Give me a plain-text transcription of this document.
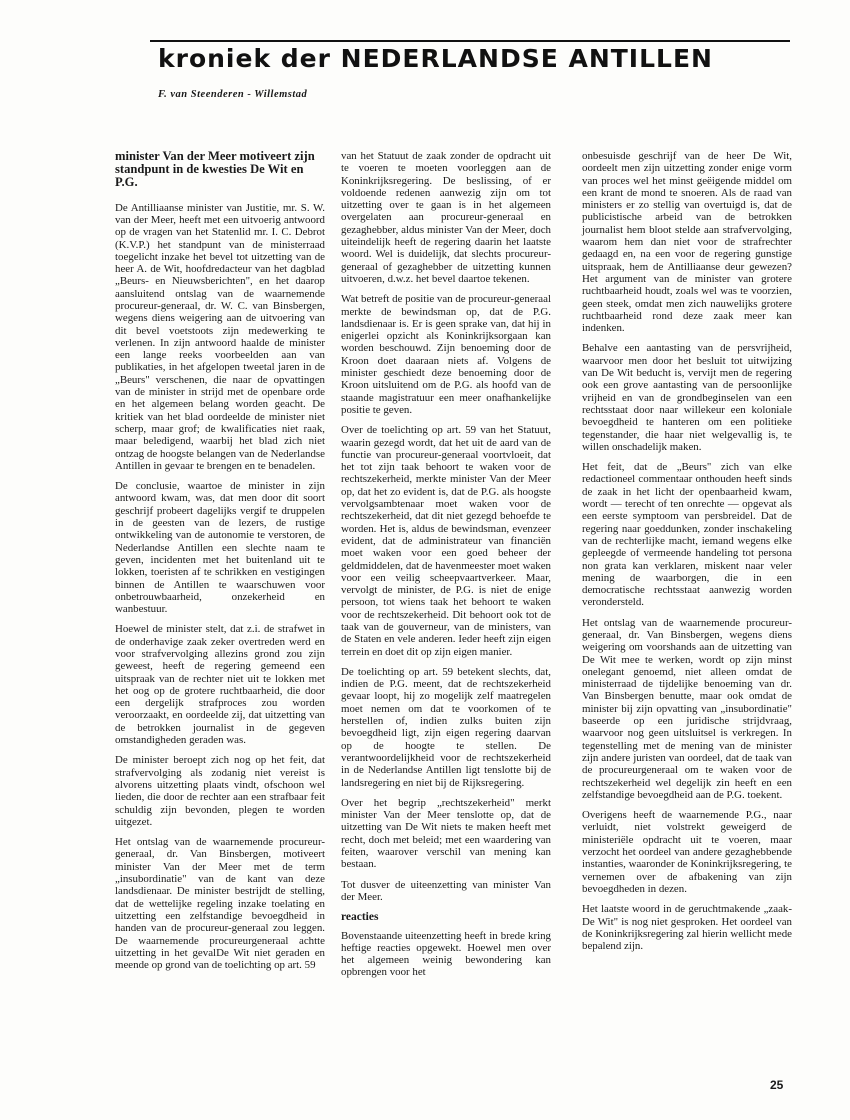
kroniek der NEDERLANDSE ANTILLEN
F. van Steenderen - Willemstad
minister Van der Meer motiveert zijn standpunt in de kwesties De Wit en P.G.

De Antilliaanse minister van Justitie, mr. S. W. van der Meer, heeft met een uitvoerig antwoord op de vragen van het Statenlid mr. I. C. Debrot (K.V.P.) het standpunt van de ministerraad toegelicht inzake het bevel tot uitzetting van de heer A. de Wit, hoofdredacteur van het dagblad „Beurs- en Nieuwsberichten", en het daarop aansluitend ontslag van de waarnemende procureur-generaal, dr. W. C. van Binsbergen, wegens diens weigering aan de uitvoering van dit bevel voetstoots zijn medewerking te verlenen. In zijn antwoord haalde de minister een lange reeks voorbeelden aan van publikaties, in het afgelopen tweetal jaren in de „Beurs" verschenen, die naar de opvattingen van de minister in strijd met de openbare orde en het algemeen belang worden geacht. De kritiek van het blad oordeelde de minister niet scherp, maar grof; de kwalificaties niet raak, maar beledigend, waarbij het blad zich niet ontzag de hoogste belangen van de Nederlandse Antillen in gevaar te brengen en te benadelen.

De conclusie, waartoe de minister in zijn antwoord kwam, was, dat men door dit soort geschrijf probeert dagelijks vergif te druppelen in de geesten van de lezers, de rustige ontwikkeling van de autonomie te verstoren, de Nederlandse Antillen een slechte naam te geven, incidenten met het buitenland uit te lokken, toeristen af te schrikken en vestigingen binnen de Antillen te waarschuwen voor onbetrouwbaarheid, onzekerheid en wanbestuur.

Hoewel de minister stelt, dat z.i. de strafwet in de onderhavige zaak zeker overtreden werd en voor strafvervolging allezins grond zou zijn geweest, heeft de regering gemeend een uitspraak van de rechter niet uit te lokken met het oog op de grotere ruchtbaarheid, die door een dergelijk strafproces zou worden veroorzaakt, en oordeelde zij, dat uitzetting van de betrokken journalist in de gegeven omstandigheden geraden was.

De minister beroept zich nog op het feit, dat strafvervolging als zodanig niet vereist is alvorens uitzetting plaats vindt, ofschoon wel lieden, die door de rechter aan een strafbaar feit schuldig zijn bevonden, plegen te worden uitgezet.

Het ontslag van de waarnemende procureur-generaal, dr. Van Binsbergen, motiveert minister Van der Meer met de term „insubordinatie" van de kant van deze landsdienaar. De minister bestrijdt de stelling, dat de wettelijke regeling inzake toelating en uitzetting een zelfstandige bevoegdheid in handen van de procureur-generaal zou leggen. De waarnemende procureurgeneraal achtte uitzetting in het gevalDe Wit niet geraden en meende op grond van de toelichting op art. 59

van het Statuut de zaak zonder de opdracht uit te voeren te moeten voorleggen aan de Koninkrijksregering. De beslissing, of er voldoende redenen aanwezig zijn om tot uitzetting over te gaan is in het algemeen overgelaten aan procureur-generaal en gezaghebber, aldus minister Van der Meer, doch uiteindelijk heeft de regering daarin het laatste woord. Wel is duidelijk, dat slechts procureur-generaal of gezaghebber de uitzetting kunnen uitvoeren, d.w.z. het bevel daartoe tekenen.

Wat betreft de positie van de procureur-generaal merkte de bewindsman op, dat de P.G. landsdienaar is. Er is geen sprake van, dat hij in enigerlei opzicht als Koninkrijksorgaan kan worden beschouwd. Zijn benoeming door de Kroon doet daaraan niets af. Volgens de minister geschiedt deze benoeming door de Kroon uitsluitend om de P.G. als hoofd van de staande magistratuur een meer onafhankelijke positie te geven.

Over de toelichting op art. 59 van het Statuut, waarin gezegd wordt, dat het uit de aard van de functie van procureur-generaal voortvloeit, dat het tot zijn taak behoort te waken voor de rechtszekerheid, merkte minister Van der Meer op, dat het zo evident is, dat de P.G. als hoogste vervolgsambtenaar moet waken voor de rechtszekerheid, dat dit niet gezegd behoefde te worden. Het is, aldus de bewindsman, evenzeer evident, dat de administrateur van financiën moet waken voor een goed beheer der geldmiddelen, dat de havenmeester moet waken voor een veilig scheepvaartverkeer. Maar, vervolgt de minister, de P.G. is niet de enige persoon, tot wiens taak het behoort te waken voor de rechtszekerheid. Dit behoort ook tot de taak van de gouverneur, van de ministers, van de Staten en vele anderen. Ieder heeft zijn eigen terrein en doet dit op zijn eigen manier.

De toelichting op art. 59 betekent slechts, dat, indien de P.G. meent, dat de rechtszekerheid gevaar loopt, hij zo mogelijk zelf maatregelen moet nemen om dat te voorkomen of te herstellen of, indien zulks buiten zijn bevoegdheid ligt, zijn eigen regering daarvan op de hoogte te stellen. De verantwoordelijkheid voor de rechtszekerheid in de Nederlandse Antillen ligt tenslotte bij de landsregering en niet bij de Rijksregering.

Over het begrip „rechtszekerheid" merkt minister Van der Meer tenslotte op, dat de uitzetting van De Wit niets te maken heeft met recht, doch met beleid; met een waardering van feiten, waarover verschil van mening kan bestaan.

Tot dusver de uiteenzetting van minister Van der Meer.

reacties

Bovenstaande uiteenzetting heeft in brede kring heftige reacties opgewekt. Hoewel men over het algemeen weinig bewondering kan opbrengen voor het

onbesuisde geschrijf van de heer De Wit, oordeelt men zijn uitzetting zonder enige vorm van proces wel het minst geëigende middel om een krant de mond te snoeren. Als de raad van ministers er zo stellig van overtuigd is, dat de publicistische arbeid van de betrokken journalist hem bloot stelde aan strafvervolging, waarom hem dan niet voor de strafrechter gedaagd en, na een voor de regering gunstige uitspraak, hem de Antilliaanse deur gewezen? Het argument van de minister van grotere ruchtbaarheid houdt, zoals wel was te voorzien, geen steek, omdat men zich nauwelijks grotere ruchtbaarheid rond deze zaak meer kan indenken.

Behalve een aantasting van de persvrijheid, waarvoor men door het besluit tot uitwijzing van De Wit beducht is, vervijt men de regering ook een grove aantasting van de persoonlijke vrijheid en van de grondbeginselen van een rechtsstaat door naar willekeur een koloniale bevoegdheid te hanteren om een politieke tegenstander, die haar niet welgevallig is, te willen onschadelijk maken.

Het feit, dat de „Beurs" zich van elke redactioneel commentaar onthouden heeft sinds de zaak in het licht der openbaarheid kwam, wordt — terecht of ten onrechte — opgevat als een eerste symptoom van persbreidel. Dat de regering naar goeddunken, zonder inschakeling van de rechterlijke macht, iemand wegens elke gepleegde of vermeende handeling tot persona non grata kan verklaren, miskent naar veler mening de waarborgen, die in een democratische rechtsstaat aanwezig worden verondersteld.

Het ontslag van de waarnemende procureur-generaal, dr. Van Binsbergen, wegens diens weigering om voorshands aan de uitzetting van De Wit mee te werken, wordt op zijn minst onelegant genoemd, niet alleen omdat de ministerraad de tijdelijke benoeming van dr. Van Binsbergen benutte, maar ook omdat de minister bij zijn opvatting van „insubordinatie" baseerde op een juridische strijdvraag, waarvoor nog geen uitsluitsel is verkregen. In tegenstelling met de mening van de minister zijn andere juristen van oordeel, dat de taak van de procureurgeneraal om te waken voor de rechtszekerheid wel degelijk zin heeft en een zelfstandige bevoegdheid aan de P.G. toekent.

Overigens heeft de waarnemende P.G., naar verluidt, niet volstrekt geweigerd de ministeriële opdracht uit te voeren, maar verzocht het oordeel van andere gezaghebbende instanties, waaronder de Koninkrijksregering, te vernemen over de afbakening van zijn bevoegdheden in dezen.

Het laatste woord in de geruchtmakende „zaak-De Wit" is nog niet gesproken. Het oordeel van de Koninkrijksregering zal hierin wellicht mede bepalend zijn.

25
